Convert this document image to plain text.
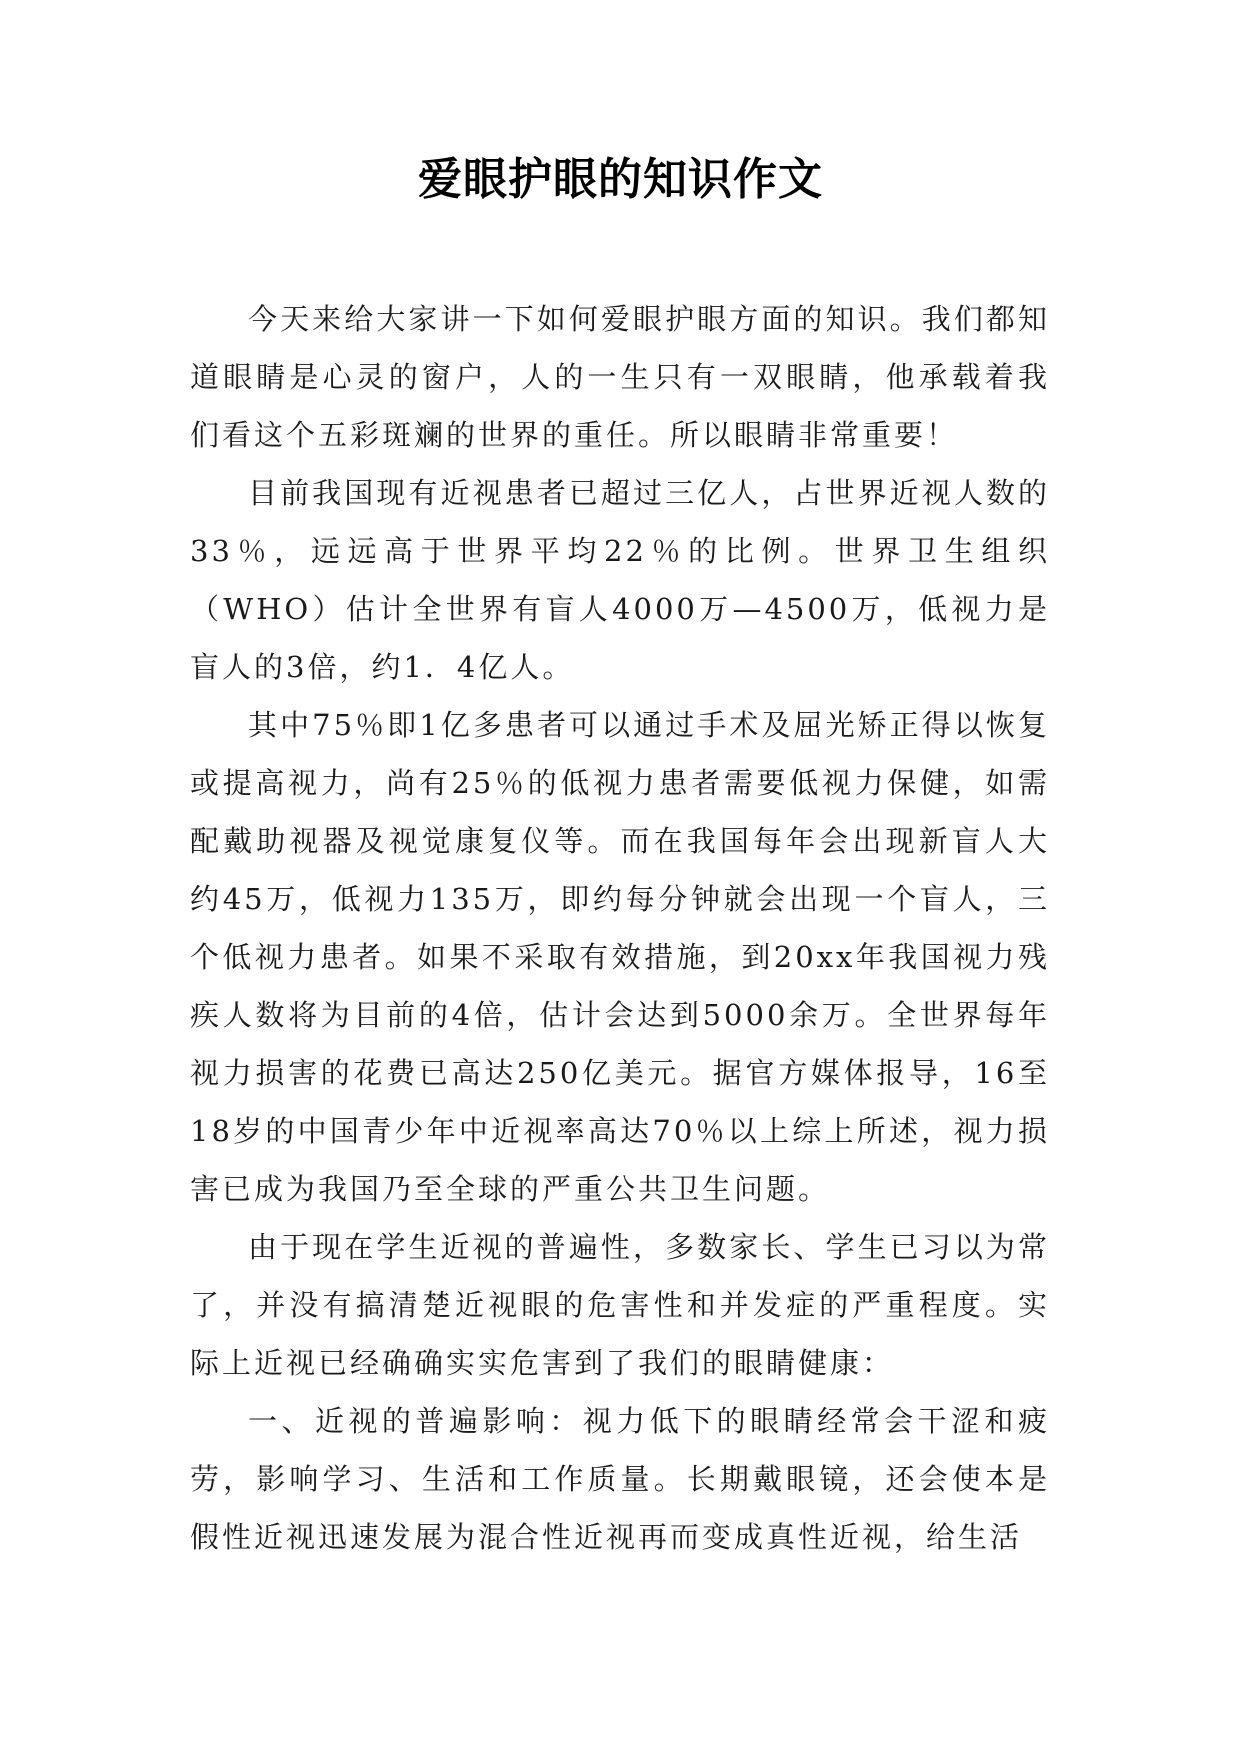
爱眼护眼的知识作文

今天来给大家讲一下如何爱眼护眼方面的知识。我们都知道眼睛是心灵的窗户，人的一生只有一双眼睛，他承载着我们看这个五彩斑斓的世界的重任。所以眼睛非常重要！

目前我国现有近视患者已超过三亿人，占世界近视人数的33％，远远高于世界平均22％的比例。世界卫生组织（WHO）估计全世界有盲人4000万—4500万，低视力是盲人的3倍，约1．4亿人。

其中75％即1亿多患者可以通过手术及屈光矫正得以恢复或提高视力，尚有25％的低视力患者需要低视力保健，如需配戴助视器及视觉康复仪等。而在我国每年会出现新盲人大约45万，低视力135万，即约每分钟就会出现一个盲人，三个低视力患者。如果不采取有效措施，到20xx年我国视力残疾人数将为目前的4倍，估计会达到5000余万。全世界每年视力损害的花费已高达250亿美元。据官方媒体报导，16至18岁的中国青少年中近视率高达70％以上综上所述，视力损害已成为我国乃至全球的严重公共卫生问题。

由于现在学生近视的普遍性，多数家长、学生已习以为常了，并没有搞清楚近视眼的危害性和并发症的严重程度。实际上近视已经确确实实危害到了我们的眼睛健康：

一、近视的普遍影响：视力低下的眼睛经常会干涩和疲劳，影响学习、生活和工作质量。长期戴眼镜，还会使本是假性近视迅速发展为混合性近视再而变成真性近视，给生活
